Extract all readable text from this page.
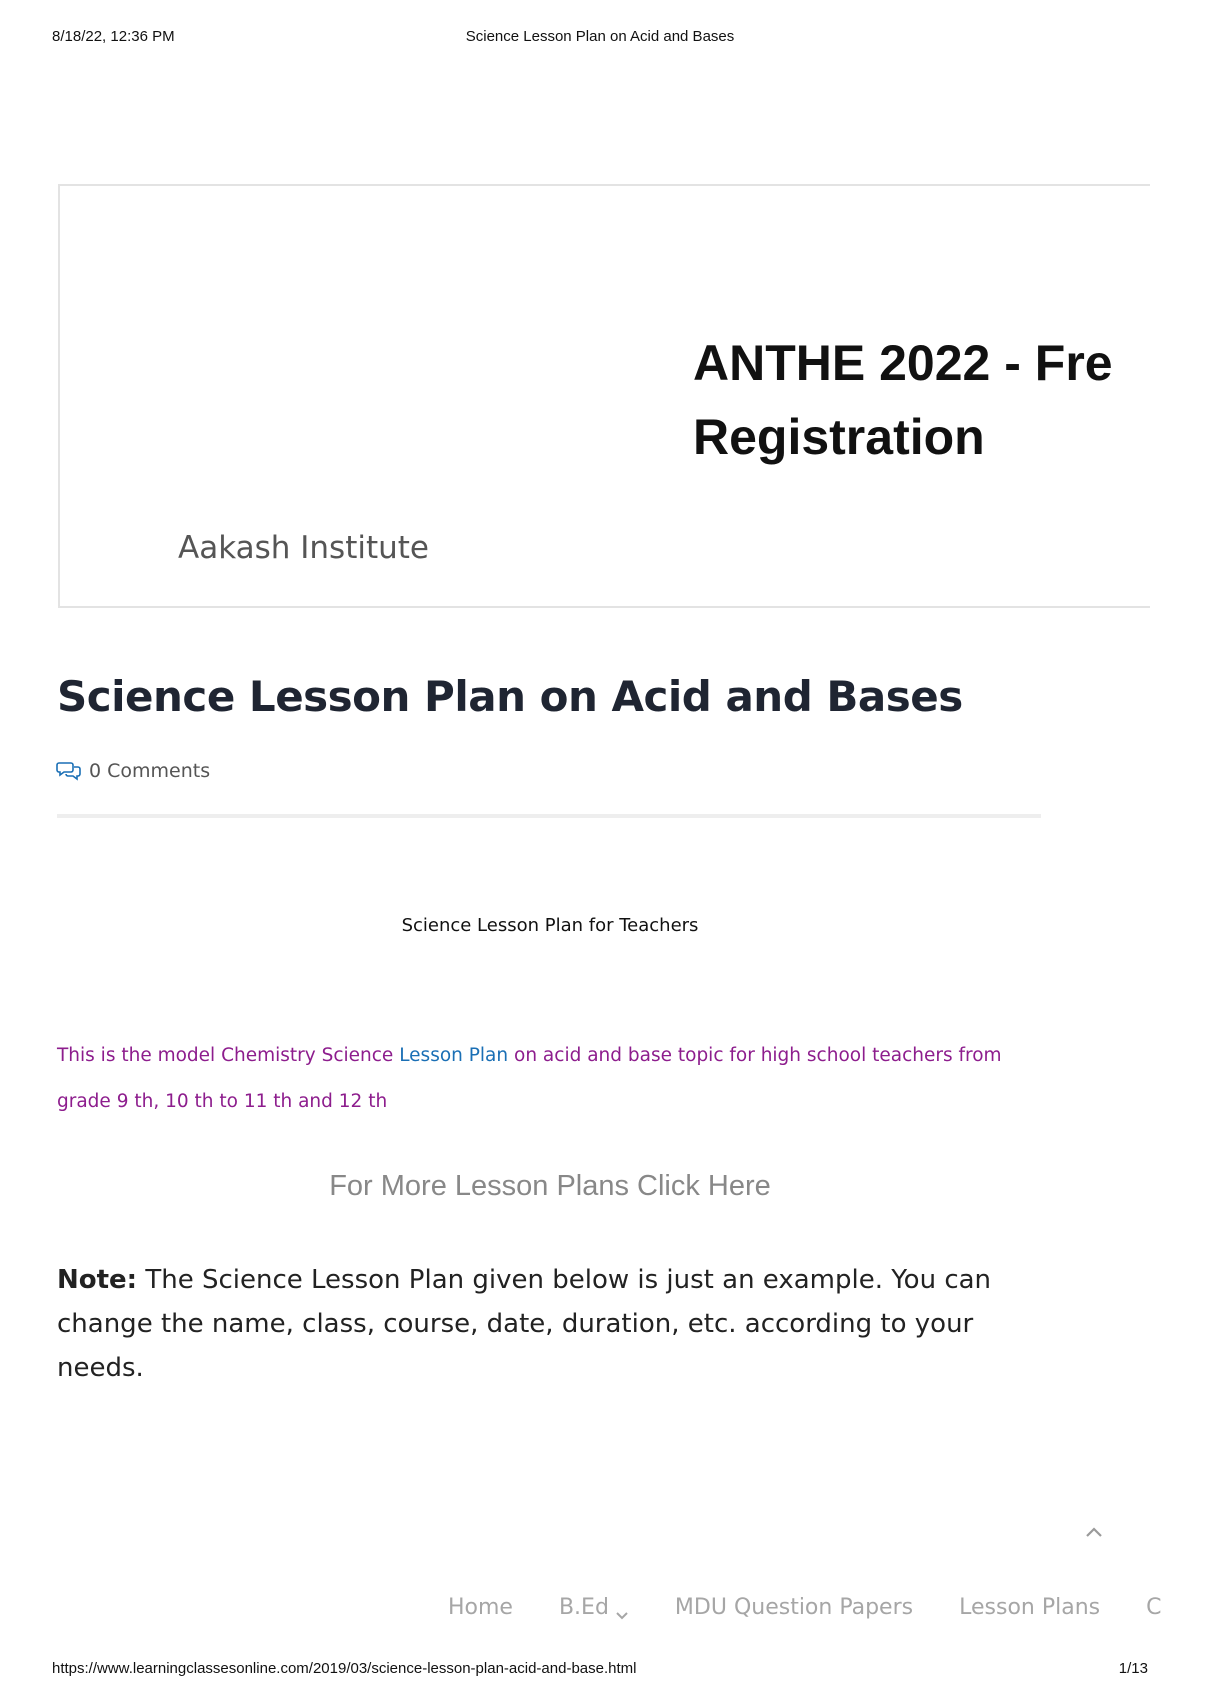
8/18/22, 12:36 PM	Science Lesson Plan on Acid and Bases
ANTHE 2022 - Fre
Registration
Aakash Institute
Science Lesson Plan on Acid and Bases
0 Comments
Science Lesson Plan for Teachers

This is the model Chemistry Science Lesson Plan on acid and base topic for high school teachers from grade 9 th, 10 th to 11 th and 12 th

For More Lesson Plans Click Here

Note: The Science Lesson Plan given below is just an example. You can change the name, class, course, date, duration, etc. according to your needs.

Home B.Ed	MDU Question Papers Lesson Plans C
https://www.learningclassesonline.com/2019/03/science-lesson-plan-acid-and-base.html	1/13
